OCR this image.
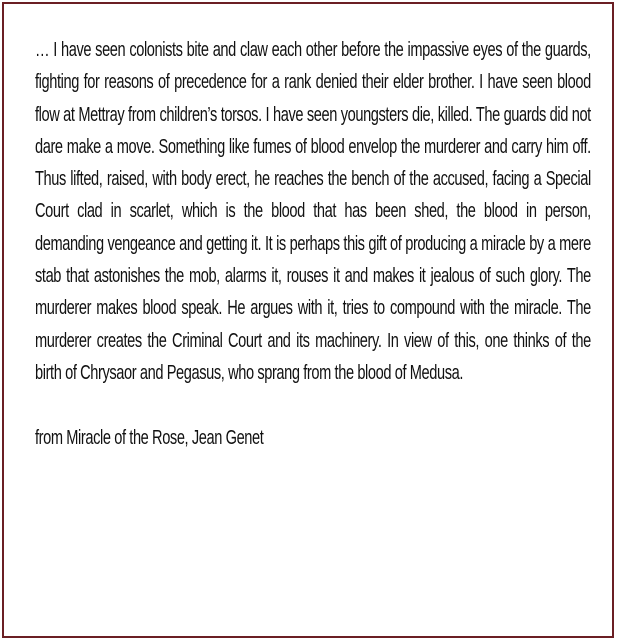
… I have seen colonists bite and claw each other before the impassive eyes of the guards, fighting for reasons of precedence for a rank denied their elder brother. I have seen blood flow at Mettray from children’s torsos. I have seen youngsters die, killed. The guards did not dare make a move. Something like fumes of blood envelop the murderer and carry him off. Thus lifted, raised, with body erect, he reaches the bench of the accused, facing a Special Court clad in scarlet, which is the blood that has been shed, the blood in person, demanding vengeance and getting it. It is perhaps this gift of producing a miracle by a mere stab that astonishes the mob, alarms it, rouses it and makes it jealous of such glory. The murderer makes blood speak. He argues with it, tries to compound with the miracle. The murderer creates the Criminal Court and its machinery. In view of this, one thinks of the birth of Chrysaor and Pegasus, who sprang from the blood of Medusa.

from Miracle of the Rose, Jean Genet
